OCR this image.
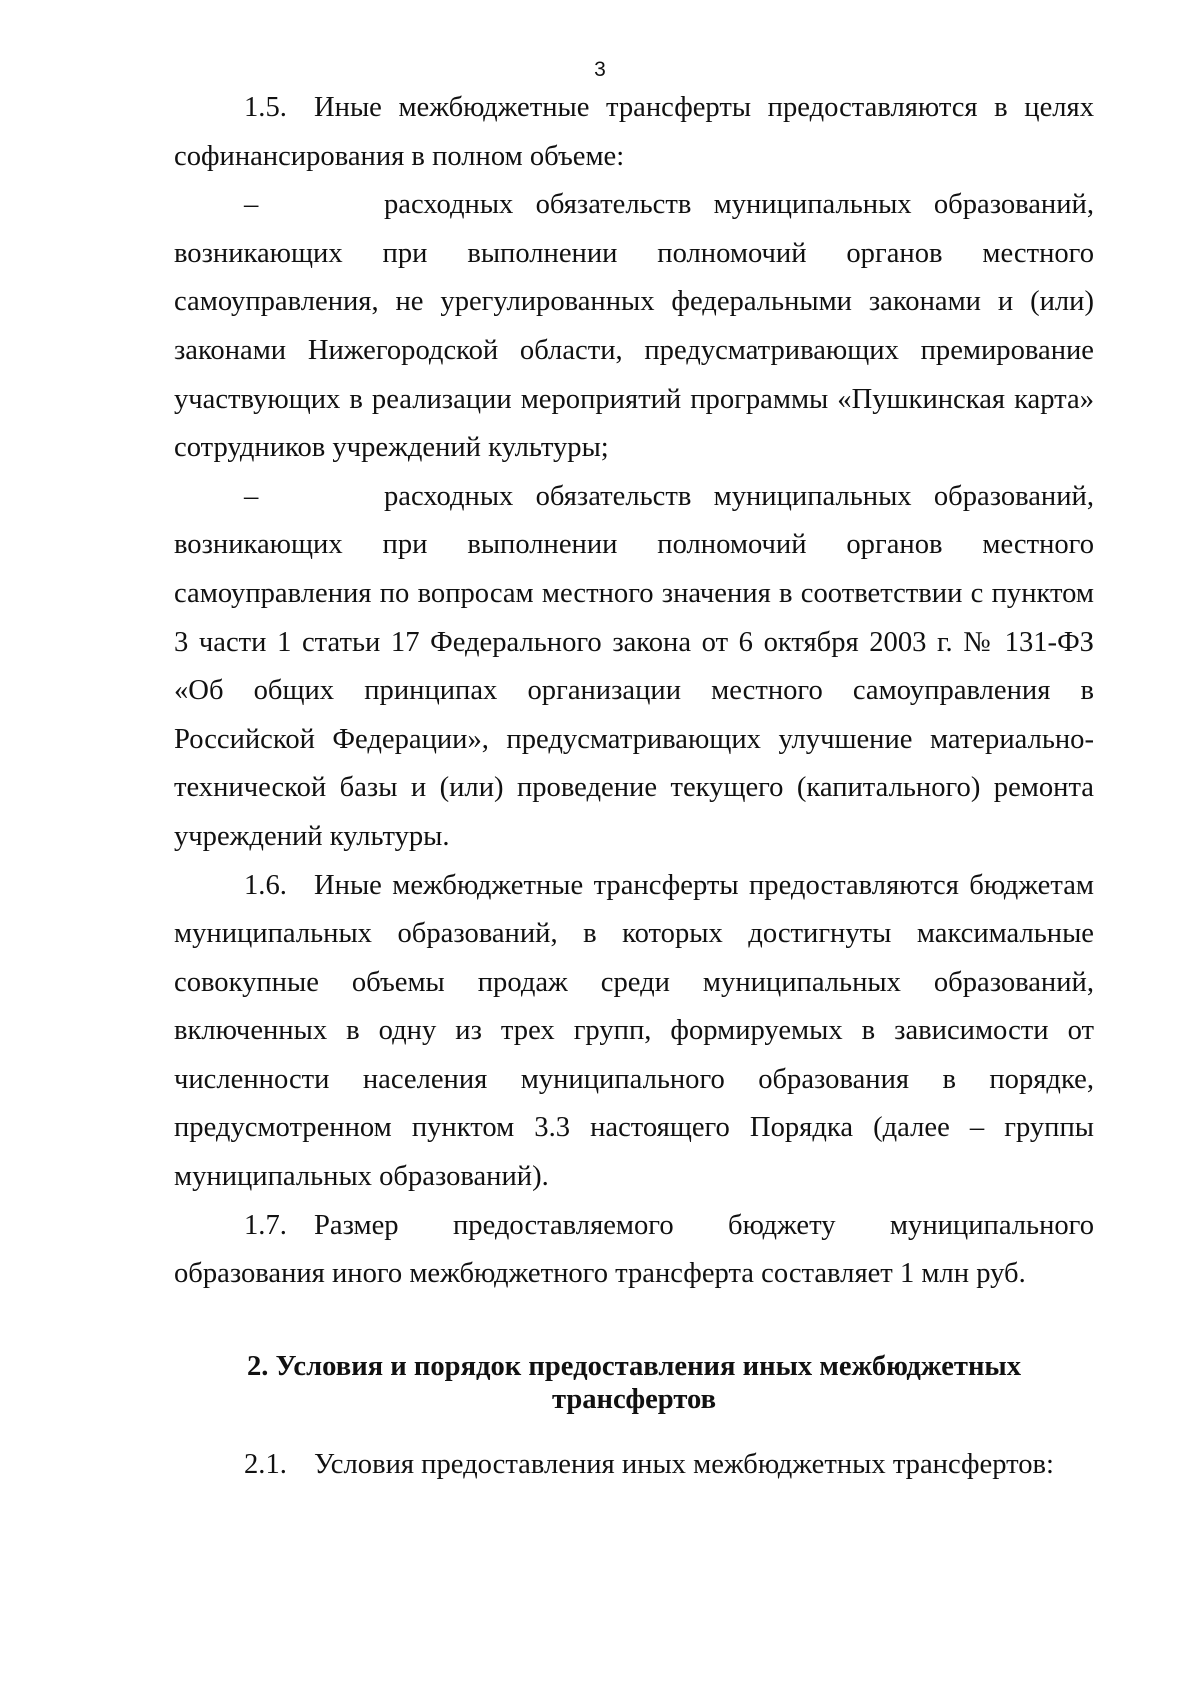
3

1.5. Иные межбюджетные трансферты предоставляются в целях софинансирования в полном объеме:

–	расходных обязательств муниципальных образований, возникающих при выполнении полномочий органов местного самоуправления, не урегулированных федеральными законами и (или) законами Нижегородской области, предусматривающих премирование участвующих в реализации мероприятий программы «Пушкинская карта» сотрудников учреждений культуры;

–	расходных обязательств муниципальных образований, возникающих при выполнении полномочий органов местного самоуправления по вопросам местного значения в соответствии с пунктом 3 части 1 статьи 17 Федерального закона от 6 октября 2003 г. № 131-ФЗ «Об общих принципах организации местного самоуправления в Российской Федерации», предусматривающих улучшение материально-технической базы и (или) проведение текущего (капитального) ремонта учреждений культуры.

1.6. Иные межбюджетные трансферты предоставляются бюджетам муниципальных образований, в которых достигнуты максимальные совокупные объемы продаж среди муниципальных образований, включенных в одну из трех групп, формируемых в зависимости от численности населения муниципального образования в порядке, предусмотренном пунктом 3.3 настоящего Порядка (далее – группы муниципальных образований).

1.7. Размер предоставляемого бюджету муниципального образования иного межбюджетного трансферта составляет 1 млн руб.

2. Условия и порядок предоставления иных межбюджетных
трансфертов

2.1. Условия предоставления иных межбюджетных трансфертов:
